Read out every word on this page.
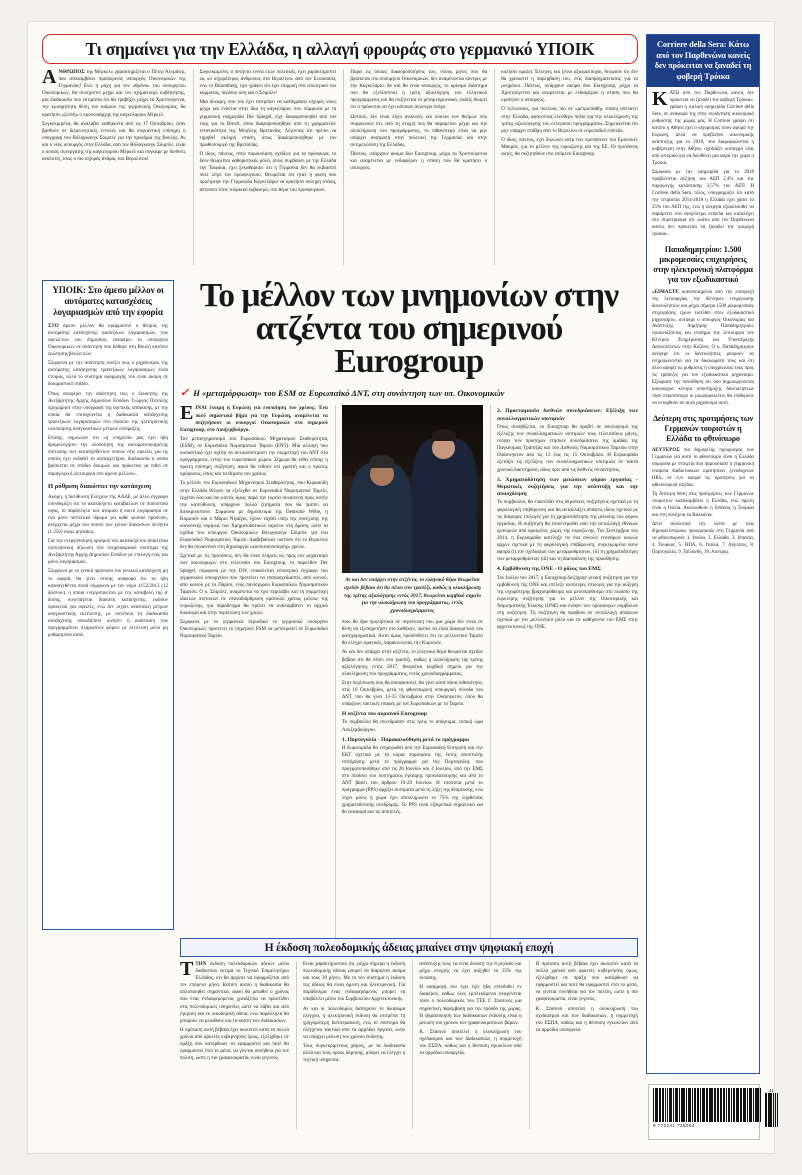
Τι σημαίνει για την Ελλάδα, η αλλαγή φρουράς στο γερμανικό ΥΠΟΙΚ
Α ΝΘΡΩΠΟΣ της Μέρκελ» χαρακτηρίζεται ο Πέτερ Αλτμάιερ, που αναλαμβάνει προσωρινός υπουργός Οικονομικών της Γερμανίας! Ενώ η μάχη για τον «θρόνο» του υπουργείου Οικονομικών, θα συνεχιστεί μέχρι και τον σχηματισμό κυβέρνησης, μία διαδικασία που εκτιμάται ότι θα τραβήξει μέχρι τα Χριστούγεννα, την κρισιμότητα θέση του καίριου της γερμανικής Οικονομίας, θα κρατήσει «ζεστή» ο προσωπάρχης της καγκελαρίου Μέρκελ.

Συγκεκριμένα, θα αναλάβει καθήκοντα από τις 17 Οκτωβρίου, όταν βρεθούν σε διερευνητικές εντολές και θα συγκαντική επίσημη η υπογραφή του Βόλφγκανγκ Σόιμπλε για την προεδρία της Βουλής. Αν και ο νέος υπουργός στην Ελλάδα, από τον Βόλφγκανγκ Σόιμπλε, είναι ο οποίος συνεργάτης της καγκελαρίου Μέρκελ και σύγκαμε με διεθνείς αναλυτές, ίσως ο πιο ισχυρός άνδρας του Βερολίνου!

Συγκεκριμένα, ο πενήντα εννέα ετών πολιτικός, έχει χαρακτηριστεί ως «ο ισχυρότερος άνθρωπος στο Βερολίνο» από τον Economist, ενώ το Bloomberg, έχει γράψει ότι έχει επιρροή στο εσωτερικό του κόμματος, περίπου όση και ο Σόιμπλε!

Μια δύναμη, που του έχει επιτρέψει να καταγράψει ισχυρές νίκες μέχρι και ενάντια στην ίδια τη καγκελάριο, που σύμφωνα με τη γερμανική εφημερίδα Der Spiegel, είχε διαφοροποιηθεί από τον τους για το Brexit, όπου διαφοροποιήθηκε από τη γραμματεία-εντατικότητα της Μεγάλης Βρετανίας. Λέγοντας ότι πρέπει να τηρηθεί σκληρή στάση, όπως διαφοροποιήθηκε με τον πρωθυπουργό της Βρετανίας.

Ο ίδιος, πάντως, στην παρουσίαση σχεδίων για τα πρόσφυγα, το δέον θεωρείται καθοριστικός ρόλο, όπως συμβαίνει με την Ελλάδα την Τουρκία, έχει ξεκαθαρίσει ότι η Γερμανία δεν θα εκβιαστεί ποτέ λέγει τον προσφυγικού. Θεωρείται ότι ήταν η φωνή που προέτρεψε την Γερμανίδα Καγκελάριο να κρατήσει σκληρή στάση, απέναντι στον τουρκικό εκβιασμό, στο θέμα του προσφυγικού.

Παρά τις όποιες διαφοροποιήσεις του, στους μήνες που θα βρίσκεται στο υπουργείο Οικονομικών, δεν αναμένονται κόντρες με την Καγκελάριο. Αν και θα είναι υπουργός, το κρίσιμο διάστημα που θα εξελίσσεται η τρίτη αξιολόγηση του ελληνικού προγράμματος και θα συζητείται το μεταμνημονιακό, ουδείς θεωρεί ότι ο πρόκειται να έχει κάποιον απώτερο στόχο.

Ωστόσο, δεν είναι λίγοι αναλυτές και κύκλοι των θεσμών που συμφωνούν ότι, από τη στιγμή που θα παραμείνει μέχρι και την ολοκλήρωση του προγράμματος, το πιθανότερο είναι να μην υπάρχει ανατροπή στην πολιτική της Γερμανίας και στην αντιμετώπιση της Ελλάδας.

Πάντως, υπάρχουν ακόμα δύο Eurogroup, μέχρι τα Χριστούγεννα και αναμένεται με ενδιαφέρον η στάση που θα κρατήσει ο υπουργός.

κυλήσει ομαλά, Έλληνες και ξένοι αξιωματούχοι, θεωρούν ότι δεν θα χρειαστεί η παρέμβαση του, στις διαπραγματεύσεις για το μνημόνιο. Πάντως, υπάρχουν ακόμα δύο Eurogroup, μέχρι τα Χριστούγεννα και αναμένεται με ενδιαφέρον η στάση που θα κρατήσει ο υπουργός.

Ο τελευταίος, για πολλούς πιο σε «μετριοπαθή» στάση απέναντι στην Ελλάδα, αφήνοντας ελεύθερο πεδίο για την ολοκλήρωση της τρίτης αξιολόγησης του ελληνικού προγράμματος. Σημειώνεται ότι μην υπάρχει στάθμη από το Βερολίνο σε ευρωπαϊκό επίπεδο.

Ο ίδιος, πάντως, έχει δηλώσει υπέρ των προτάσεων του Εμανουέλ Μακρόν, για το μέλλον της ευρωζώνης και της ΕΕ. Οι προτάσεις αυτές, θα συζητηθούν στο επόμενο Eurogroup.

ΥΠΟΙΚ: Στο άμεσο μέλλον οι αυτόματες κατασχέσεις λογαριασμών από την εφορία

ΣΤΟ άμεσο μέλλον θα εφαρμοστεί ο θεσμός της αυτόματης κατάσχεσης τραπεζικών λογαριασμών, των οφειλετών του δημοσίου, αναφέρει το υπουργείο Οικονομικών σε απάντηση που δόθηκε στη Βουλή κατόπιν ερώτησης βουλευτών.

Σύμφωνα με την απάντηση τονίζει πως ο μηχανισμός της αυτόματης κατάσχεσης τραπεζικών λογαριασμών είναι έτοιμος, αλλά το σύστημα εφαρμογής του είναι ακόμη σε δοκιμαστικό στάδιο.

Όπως αναφέρει την απάντηση του, ο διοικητής της Ανεξάρτητης Αρχής Δημοσίων Εσόδων Γιώργος Πιτσιλής προχώρησε στην υπογραφή της σχετικής απόφασης, με την οποία θα επιταχύνεται η διαδικασία κατάσχεσης τραπεζικών λογαριασμών στο πλαίσιο της ηλεκτρονικής υλοποίησης αναγκαστικών μέτρων είσπραξης.

Επίσης, σημειώνει ότι «η υπηρεσία μας έχει ήδη δρομολογήσει την υλοποίηση της αυτοματοποιημένης πίστωσης των κατασχεθέντων ποσών στις οφειλές για τις οποίες έχει εκδοθεί το κατασχετήριο, διαδικασία η οποία βρίσκεται σε στάδιο δοκιμών και πρόκειται να τεθεί σε παραγωγική λειτουργία στο άμεσο μέλλον».

Η ρύθμιση διακόπτει την κατάσχεση

Ακόμη, η διεύθυνση Ελέγχων της ΑΑΔΕ, με άλλο έγγραφο υπενθυμίζει ότι το ακατάσχετο κατάβαλλαν σε ποσοστικό ύψος, το παράλληλο των ατομικό ή κοινό λογαριασμό σε ένα μόνο πιστωτικό ίδρυμα για κάθε φυσικό πρόσωπο, ανέρχεται μέχρι του ποσού των χιλίων διακοσίων πενήντα (1.250) ευρώ μηνιαίως.

Για την ενεργοποίηση ορισμού του ακατάσχετου απαιτείται ηλεκτρονική δήλωση στο πληροφοριακό σύστημα της Ανεξάρτητης Αρχής Δημοσίων Εσόδων με επιλογή ενός και μόνο λογαριασμού.

Σύμφωνα με το γενικό πρόσωπο του γενικού κατάσχεση μη το αφορά, θα γίνει επίσης αναφορά ότι τα ήδη κατασχεθέντα ποσά σύμφωνα με τον νόμο 4152/2013 (12 δόσεων), η οποία ενεργοποιείται με την καταβολή της α' δόσης, συνεπάγεται διακοπή κατάσχεσης, εφόσον πρόκειται για οφειλές, ενώ δεν ισχύει ανασταλή μέτρων αναγκαστικής εκτέλεσης, με συνέπεια τη διαδικασία κατάσχεσης οπουδήποτε κινήσει η ανάσταση των προγραμμάτων πληρωτέων φόρων με εκτέλεση μόνο μη ρυθμισμένα κατά.

Το μέλλον των μνημονίων στην
ατζέντα του σημερινού Eurogroup
✓ Η «μεταμόρφωση» του ESM σε Ευρωπαϊκό ΔΝΤ, στη συνάντηση των υπ. Οικονομικών
Ε ΙΝΑΙ έτοιμη η Ευρώπη για ενοποίηση του χρέους; Ένα πολύ σημαντικό βήμα για την Ευρώπη, αναμένεται να συζητήσουν οι υπουργοί Οικονομικών στο σημερινό Eurogroup, στο Λουξεμβούργο.

Τον μετασχηματισμό του Ευρωπαϊκού Μηχανισμού Σταθερότητας (ESM), σε Ευρωπαϊκό Νομισματικό Ταμείο (ΕΝΤ). Μία αλλαγή που ουσιαστικά έχει σχέση να αντικατοπτρίσει την συμμετοχή του ΔΝΤ στα προγράμματα, εντός του ευρωπαϊκού χώρου. Σήμερα θα τεθεί επίσης η πρώτη επίσημη συζήτηση, αφού θα τεθούν επί γραπτή και ο πρώτος ομόφωνος, όπως και τα θέματα του χρέους.

Το μέλλον του Ευρωπαϊκού Μηχανισμού Σταθερότητας, που Κυριακίδη στην Ελλάδα θέλουν να εξελιχθεί σε Ευρωπαϊκό Νομισματικό Ταμείο, έρχεται όλα και πιο κοντά, όμως παρά την ευρεία συναίνεση προς αυτήν την κατεύθυνση, υπάρχουν πολλά ζητήματα που θα πρέπει να διευκρινιστούν. Σύμφωνα με δημοσίευμα της Deutsche Welle, η Κομισιόν και ο Μάριο Ντράγκι, έχουν ταχθεί υπέρ της συνέχισης της κοινοτικής νομίμως των Χρηματοδοτικών ταμείων στη Δράση, ώστε τα σχέδια του υπουργού Οικονομικών Βόλφγκανγκ Σόιμπλε για ένα Ευρωπαϊκό Νομισματικό Ταμείο. Διαβεβαίωσε ωστόσο ότι το Βερολίνο δεν θα συναινέσει στη δημιουργία «κοινοτικοποίησης» χρεών.

Σχετικά με τις προτάσεις, δεν θα είναι πλήρεις ως προς τον μηχανισμό των οικονομικών στο τελευταίο του Eurogroup, το παρελθόν Der Spiegel, σύμφωνα με την DW, επικαλείται εσωτερικό έγγραφο του γερμανικού υπουργείου που προτείνει να επανασχεδιαστεί, από κοινού, από κοινού με το Παρίσι, ενός πανίσχυρου Ευρωπαϊκού Νομισματικού Ταμείου. Ο κ. Σόιμπλε, αναμένεται να έχει περιλάβει και τη συμμετοχή ιδιωτών πιστωτών σε επαναδιάρθρωση κρατικού χρέους μέλους της ευρωζώνης, για παράδειγμα θα πρέπει να αναλαμβάνει το αρχικό δικαίωμα και στην περίπτωση των χρεών.

Σύμφωνα με το γερμανικό περιοδικό το γερμανικό υπουργείο Οικονομικών προτείνει το σημερινό ESM να μετατραπεί σε Ευρωπαϊκό Νομισματικό Ταμείο.

Αν και δεν υπάρχει στην ατζέντα, το ελληνικό θέμα θεωρείται σχεδόν βέβαιο ότι θα πέσει στο τραπέζι, καθώς η ολοκλήρωση της τρίτης αξιολόγησης εντός 2017, θεωρείται κομβικό σημείο για την ολοκλήρωση του προγράμματος, εντός χρονοδιαγράμματος

ποιο θα δρα προληπτικά σε περίπτωση που μια χώρα δεν είναι σε θέση να εξυπηρετήσει στο καθήκον, πρέπει να είναι διαφορετικό του κατηγορηματικά. Αυτό όμως προϋποθέτει ότι το μελλοντικό Ταμείο θα ελέγχει κρατικές, παρακινώντας την Κομισιόν.

Αν και δεν υπάρχει στην ατζέντα, το ελληνικό θέμα θεωρείται σχεδόν βέβαιο ότι θα πέσει στο τραπέζι, καθώς η ολοκλήρωση της τρίτης αξιολόγησης εντός 2017, θεωρείται κομβικό σημείο για την ολοκλήρωση του προγράμματος, εντός χρονοδιαγράμματος.

Στην περίπτωση που θα αποφασιστεί, θα γίνει κατά πάσα πιθανότητα, στις 16 Οκτωβρίου, μετά τη φθινοπωρινή υπουργική σύνοδο του ΔΝΤ, που θα γίνει 13-15 Οκτωβρίου στην Ουάσιγκτον, όπου θα υπάρξουν τακτικές επαφές με τον Ευρωπαϊκών με το Ταμείο.

Η ατζέντα του αυριανού Eurogroup

Το συμβούλιο θα συνεδριάσει στις τρεις το απόγευμα, τοπική ώρα Λουξεμβούργου.

1. Πορτογαλία - Παρακολούθηση μετά το πρόγραμμα

Η Ευρωομάδα θα ενημερωθεί από την Ευρωπαϊκή Επιτροπή και την ΕΚΤ σχετικά με τα κύρια πορίσματα της έκτης αποστολής επιτήρησης μετά το πρόγραμμα για την Πορτογαλία, που πραγματοποιήθηκε από τις 26 Ιουνίου και 4 Ιουλίου, από την ΕΜΣ στο πλαίσιο του συστήματος έγκαιρης προειδοποίησης και από το ΔΝΤ βάσει του άρθρου 19-29 Ιουνίου. Η εποπτεία μετά το πρόγραμμα (PPS) αρχίζει αυτόματα μετά τη λήξη της δέσμευσης, ενώ λήγει μόλις η χώρα έχει αποπληρώσει το 75% της ληφθείσας χρηματοδοτικής συνδρομής. Το PPS είναι εξαιρετικά σημαντικό και θα αναφορά και τις αποτελές.

2. Προετοιμασία διεθνών συνεδριάσεων: Εξέλιξη των συναλλαγματικών ισοτιμιών

Όπως συνηθίζεται, το Eurogroup θα προβεί σε απολογισμό της εξέλιξης των συναλλαγματικών ισοτιμιών τους τελευταίους μήνες, ενόψει των προσεχών ετήσιων συνεδριάσεων της ομάδας της Παγκόσμιας Τράπεζας και του Διεθνούς Νομισματικού Ταμείου στην Ουάσινγκτον από τις 13 έως τις 15 Οκτωβρίου. Η Ευρωομάδα εξετάζει τις εξελίξεις των συναλλαγματικών ισοτιμιών σε τακτά χρονικά διαστήματα, ιδίως πριν από τις διεθνείς συναντήσεις.

3. Χρηματοδότηση των μειώσεων φόρου εργασίας - Θεματικές συζητήσεις για την ανάπτυξη και την απασχόληση

Το συμβούλιο, θα επανέλθει στις θεματικές συζητήσεις σχετικά με τη φορολογική επιβάρυνση και θα ανταλλάξει απόψεις ιδίως σχετικά με τις διάφορες επιλογές για τη χρηματοδότηση της μείωσης του φόρου εργασίας. Η συζήτηση θα επικεντρωθεί από την ανταλλαγή εθνικών εμπειριών από ορισμένες χώρες της ευρωζώνης. Τον Σεπτέμβριο του 2014, η Ευρωομάδα κατέληξε σε ένα σύνολο τεσσάρων κοινών αρχών σχετικά με τη φορολογική επιβάρυνση, συγκεκριμένα όσον αφορά (i) τον σχεδιασμό των μεταρρυθμίσεων, (ii) τη χρηματοδότηση των μεταρρυθμίσεων (iii) και τη διασφάλιση της προώθησης.

4. Εμβάθυνση της ΟΝΕ - Ο ρόλος του ΕΜΣ

Τον Ιούλιο του 2017, η Eurogroup διεξήγαγε γενική συζήτηση για την εμβάθυνση της ΟΝΕ και επέλεξε αυτότερες επιλογές για την αύξηση της ισχυρότερης βραχυπρόθεσμα και μεσοπρόθεσμα στο πλαίσιο της ευρύτερης συζήτησης για το μέλλον της Οικονομικής και Νομισματικής Ένωσης (ΟΝΕ) και ενόψει των προσφυγών συμβολών στη συζήτηση. Τη συζήτηση θα προβούν σε ανταλλαγή απόψεων σχετικά με τον μελλοντικό ρόλο και τα καθήκοντα του ΕΜΣ στην αρχιτεκτονική της ΟΝΕ.

Corriere della Sera: Κάτω από τον Παρθενώνα κανείς δεν πρόκειται να ξαναδεί τη φοβερή Τρόικα
Κ ΑΤΩ από τον Παρθενώνα κανείς δεν πρόκειται να ξαναδεί την φοβερή Τρόικα», γράφει η ιταλική εφημερίδα Corriere della Sera, σε αναφορά της στην συνάντηση οικονομικά ρυθμιστής της χώρας μας. Η Corriere γράφει ότι κατόπι η Αθήνα έχει ο ισχυρισμός όσον αφορά την Ευρώπη, αλλά να προβλέψει οικονομικής ανάπτυξης για το 2018, που διαμορφώνεται η κυβέρνηση στην Αθήνα, σχεδιάζει κοίταγμα νέας από ιστορικό για να διευθύνει μια φορά την χώρα η Τρόικα.

Σύμφωνα με την εφημερίδα για το 2018 προβλέπεται αύξηση του ΑΕΠ 2,4% και την παραγωγής κατάστασης 3,57% του ΑΕΠ. Η Corriere della Sera, τέλος, υπογραμμίζει ότι κατά την τετραετία 2014-2018 η Ελλάδα έχει χάσει το 25% του ΑΕΠ της, ενώ η ανεργία εξακολουθεί να παραμένει στα υψηλότερα επίπεδα και καταλήγει στο συμπέρασμα ότι «κάτω από τον Παρθενώνα κανείς δεν πρόκειται να ξαναδεί την τρομερή τρόικα».

Παπαδημητρίου: 1.500 μικρομεσαίες επιχειρήσεις στην ηλεκτρονική πλατφόρμα για τον εξωδικαστικό

«ΕΙΜΑΣΤΕ ικανοποιημένοι από την εισαγωγή της λειτουργίας την Κέντρων ενημέρωσης δανειοληπτών και μέχρι σήμερα 1500 μικρομεσαίες επιχειρήσεις έχουν εισέλθει στον εξωδικαστικό μηχανισμό», ανέφερε ο υπουργός Οικονομίας και Ανάπτυξης Δημήτρης Παπαδημητρίου, εγκαινιάζοντας και επίσημα την λειτουργία του Κέντρου Ενημέρωσης και Υποστήριξης Δανειοληπτών στην Κοζάνη. Ο κ. Παπαδημητρίου ανέφερε ότι οι δανειολήπτες μπορούν να ενημερώνονται για τα δικαιώματά τους και ότι άλλο αφορά τις ρυθμίσεις ή υποχρεώσεις τους προς τις τράπεζες για τον εξωδικαστικό μηχανισμό. Εξέφρασε την πεποίθηση ότι όσο δημιουργούνται καινούργια κέντρα υποστήριξης δανειοληπτών τόσο περισσότερο οι μικροοφειλέτες θα επιθυμούν να ενταχθούν σε αυτό μηχανισμό αυτό.

Δεύτερη στις προτιμήσεις των Γερμανών τουριστών η Ελλάδα το φθινόπωρο

ΔΕΥΤΕΡΟΣ πιο δημοφιλής προορισμός των Γερμανών για αυτό το φθινόπωρο είναι η Ελλάδα σύμφωνα με στοιχεία που παρουσίασε η γερμανική εταιρεία διαδικτυακών κρατήσεων ξενοδοχείων HRS, σε ό,τι αφορά τις κρατήσεις για τα φθινοπωρινά ταξίδια.

Τη δεύτερη θέση στις προτιμήσεις των Γερμανών τουριστών καταλαμβάνει η Ελλάδα, ενώ πρώτη είναι η Ιταλία. Ακολουθούν η Ισπανία, η Τουρκία και στη συνέχεια τα Βαλκάνια.

Δείτε αναλυτικά την λίστα με τους δημοφιλέστερους προορισμούς στη Γερμανία από τα φθινοπωρινά: 1. Ιταλία, 2. Ελλάδα, 3. Ισπανία, 4. Τουρκία, 5. ΗΠΑ, 6. Ιταλία, 7. Αίγυπτος, 8. Πορτογαλία, 9. Ταϊλάνδη, 10. Αυστρία.

Η έκδοση πολεοδομικής άδειας μπαίνει στην ψηφιακή εποχή
Τ ΤΗΝ έκδοση πολεοδομικών αδειών μέσω διαδικτύου εκτιμά το Τεχνικό Επιμελητήριο Ελλάδας, ότι θα αρχίσει να εφαρμόζεται από τον επόμενο μήνα. Κατόπι αυτού η διαδικασία θα απλοποιηθεί σημαντικά, αφού θα μειωθεί ο χρόνος που ένας ενδιαφερόμενος χρειάζεται να προσέλθει στις πολεοδομικές υπηρεσίες ώστε να λάβει και από έγκριση και το οικοδομική άδεια, ενώ παράλληλα θα μπορούν να μειωθούν και τα κόστη των διαδικασιών.

Η πρόταση αυτή βέβαια έχει ακουστεί κατά τα πολλά χρόνια από αρκετές κυβερνήσεις όμως, εξελίχθηκε σε πράξη που κατόρθωσε να εφαρμοστεί και ποτέ θα εφαρμοστεί έτσι το μέσα, να γίνεται συνήθεια για τον πολίτη, ώστε η πιο γραφειοκρατία, είναι γεγονός.

Είναι χαρακτηριστικό ότι, μέχρι σήμερα η έκδοση πολεοδομικής άδειας μπορεί να διαρκέσει ακόμα και τους 30 μήνες. Με το νέο σύστημα η έκδοση της άδειας θα είναι άμεση και ηλεκτρονική. Για παράδειγμα ένας ενδιαφερόμενος μπορεί να υποβάλλει μέσω του Συμβουλίου Αρχιτεκτονικής.

Αν και οι πολεοδομίες διατηρούν το δικαίωμα ελέγχου, η ηλεκτρονική έκδοση θα επιτρέπει τη γρηγορότερη διεκπεραίωση, ενώ το σύστημα θα ελέγχεται τακτικά από τα αρμόδια όργανα, ώστε να υπάρχει μείωση του χρόνου έκδοσης.

Τους συγκεκριμένους χάρτες, με τα διαδικασία αλλά και τους όρους δόμησης, μπορεί να ελέγχει η τεχνική υπηρεσία.

ανάπτυξης τους να είναι δυνατή την 8 μηνιαίο και μέχρι στιγμής να έχει αυξηθεί το 35% της έκτασης.

Η εφαρμογή του έχει έχει ήδη επενδυθεί εν διαφέρον, καθώς όλες εμπλεκόμενοι αναμένεται τόσο ο πολεοδομικός του ΤΕΕ Γ. Στασινός μια σημαντική παρέμβαση για την πρόοδο της χώρας. Η ψηφιοποίηση των διαδικασιών έκδοσης είναι η μείωση του χρόνου των γραφειοκρατικών βαρών.

Κ. Στασινό αποτελεί η ολοκλήρωση του σχεδιασμού και των διαδικασιών, η συμμετοχή του ΕΣΠΑ, καθώς και η θέσπιση εγκυκλίων από τα αρμόδια υπουργεία.

Η πρόταση αυτή βέβαια έχει ακουστεί κατά τα πολλά χρόνια από αρκετές κυβερνήσεις όμως, εξελίχθηκε σε πράξη που κατόρθωσε να εφαρμοστεί και ποτέ θα εφαρμοστεί έτσι το μέσα, να γίνεται συνήθεια για τον πολίτη, ώστε η πιο γραφειοκρατία, είναι γεγονός.

Κ. Στασινό αποτελεί η ολοκλήρωση του σχεδιασμού και των διαδικασιών, η συμμετοχή του ΕΣΠΑ, καθώς και η θέσπιση εγκυκλίων από τα αρμόδια υπουργεία.

9 772241 725004
41
